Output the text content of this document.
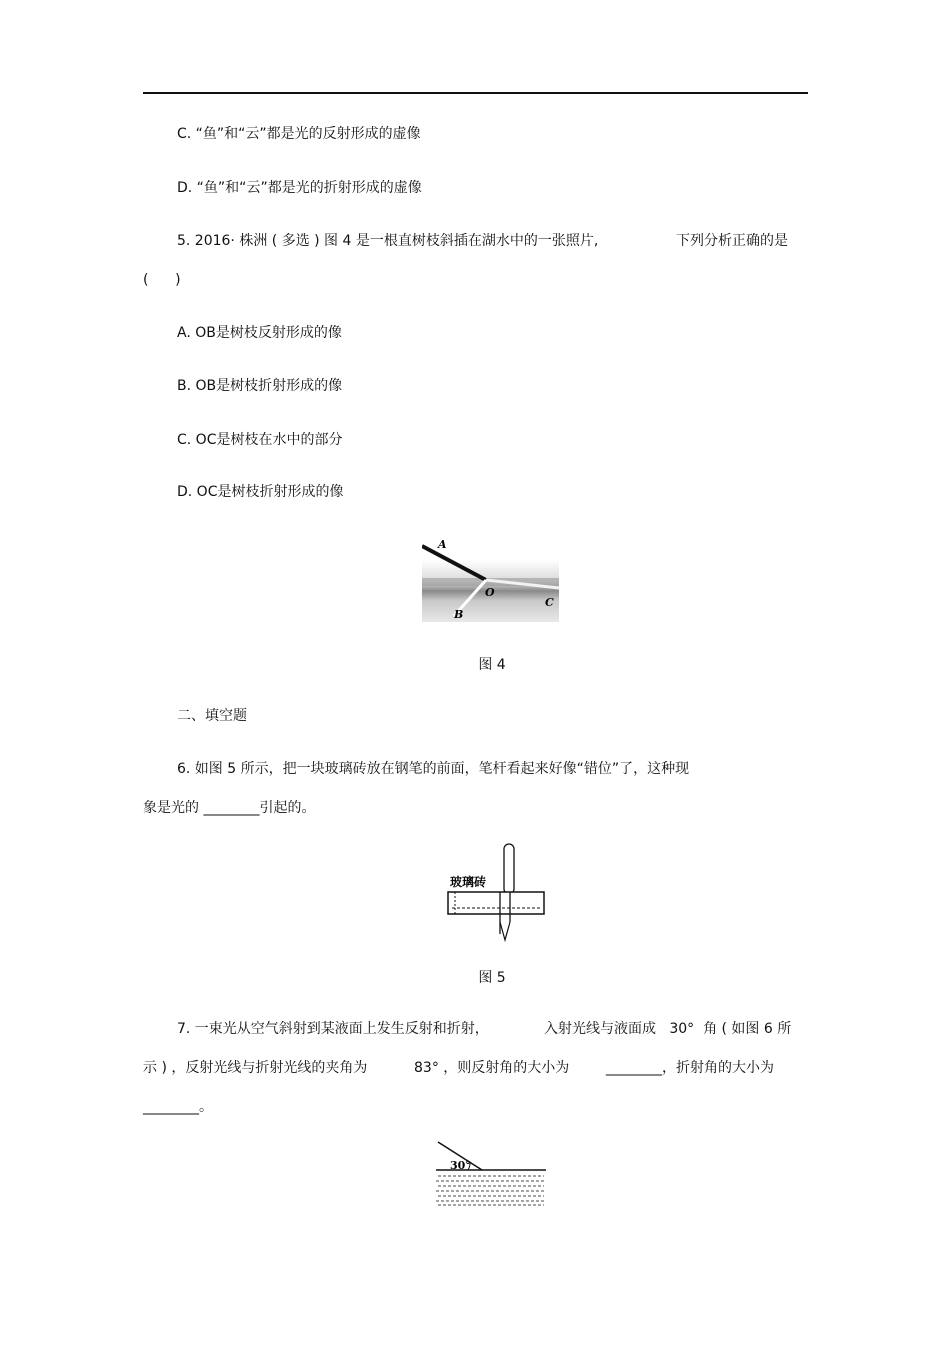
C. “鱼”和“云”都是光的反射形成的虚像
D. “鱼”和“云”都是光的折射形成的虚像
5. 2016· 株洲 ( 多选 ) 图 4 是一根直树枝斜插在湖水中的一张照片,	下列分析正确的是
(      )
A. OB是树枝反射形成的像
B. OB是树枝折射形成的像
C. OC是树枝在水中的部分
D. OC是树枝折射形成的像
A
O
B
C
图 4
二、填空题
6. 如图 5 所示，把一块玻璃砖放在钢笔的前面，笔杆看起来好像“错位”了，这种现
象是光的 ________引起的。
玻璃砖
图 5
7. 一束光从空气斜射到某液面上发生反射和折射，	入射光线与液面成   30°  角 ( 如图 6 所
示 ) ，反射光线与折射光线的夹角为	83° ，则反射角的大小为	________，折射角的大小为
________。
30°
